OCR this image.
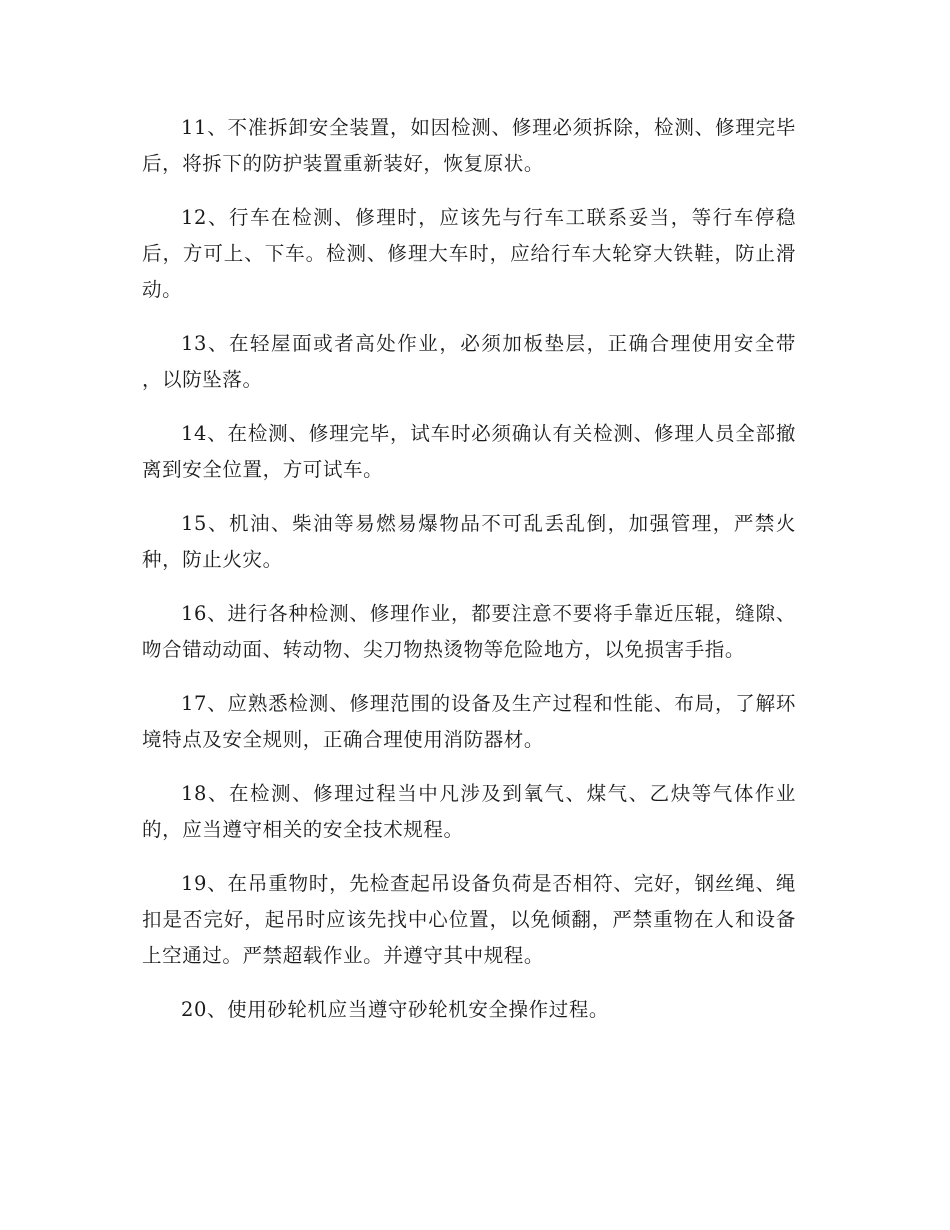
11、不准拆卸安全装置，如因检测、修理必须拆除，检测、修理完毕后，将拆下的防护装置重新装好，恢复原状。

12、行车在检测、修理时，应该先与行车工联系妥当，等行车停稳后，方可上、下车。检测、修理大车时，应给行车大轮穿大铁鞋，防止滑动。

13、在轻屋面或者高处作业，必须加板垫层，正确合理使用安全带 ，以防坠落。

14、在检测、修理完毕，试车时必须确认有关检测、修理人员全部撤离到安全位置，方可试车。

15、机油、柴油等易燃易爆物品不可乱丢乱倒，加强管理，严禁火种，防止火灾。

16、进行各种检测、修理作业，都要注意不要将手靠近压辊，缝隙、吻合错动动面、转动物、尖刀物热烫物等危险地方，以免损害手指。

17、应熟悉检测、修理范围的设备及生产过程和性能、布局，了解环境特点及安全规则，正确合理使用消防器材。

18、在检测、修理过程当中凡涉及到氧气、煤气、乙炔等气体作业的，应当遵守相关的安全技术规程。

19、在吊重物时，先检查起吊设备负荷是否相符、完好，钢丝绳、绳扣是否完好，起吊时应该先找中心位置，以免倾翻，严禁重物在人和设备上空通过。严禁超载作业。并遵守其中规程。

20、使用砂轮机应当遵守砂轮机安全操作过程。
